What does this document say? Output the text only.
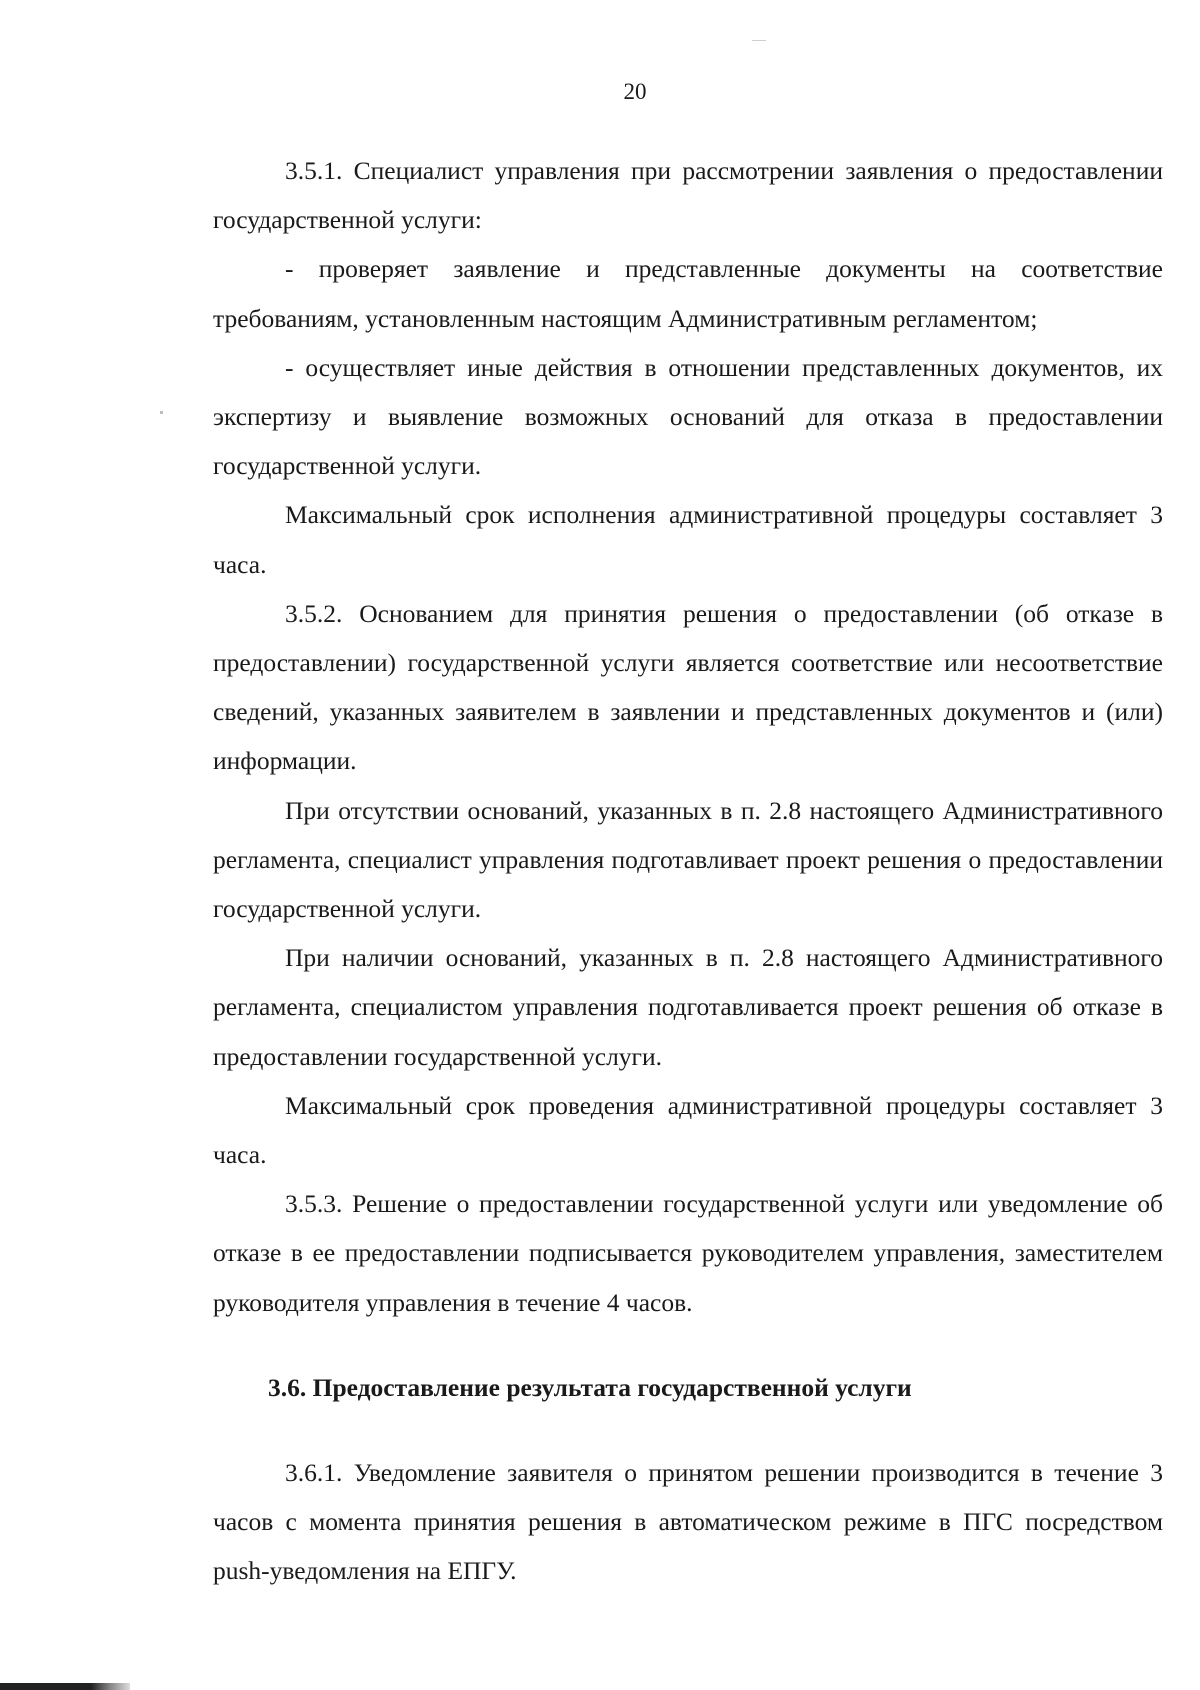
20

3.5.1. Специалист управления при рассмотрении заявления о предоставлении государственной услуги:

- проверяет заявление и представленные документы на соответствие требованиям, установленным настоящим Административным регламентом;

- осуществляет иные действия в отношении представленных документов, их экспертизу и выявление возможных оснований для отказа в предоставлении государственной услуги.

Максимальный срок исполнения административной процедуры составляет 3 часа.

3.5.2. Основанием для принятия решения о предоставлении (об отказе в предоставлении) государственной услуги является соответствие или несоответствие сведений, указанных заявителем в заявлении и представленных документов и (или) информации.

При отсутствии оснований, указанных в п. 2.8 настоящего Административного регламента, специалист управления подготавливает проект решения о предоставлении государственной услуги.

При наличии оснований, указанных в п. 2.8 настоящего Административного регламента, специалистом управления подготавливается проект решения об отказе в предоставлении государственной услуги.

Максимальный срок проведения административной процедуры составляет 3 часа.

3.5.3. Решение о предоставлении государственной услуги или уведомление об отказе в ее предоставлении подписывается руководителем управления, заместителем руководителя управления в течение 4 часов.

3.6. Предоставление результата государственной услуги

3.6.1. Уведомление заявителя о принятом решении производится в течение 3 часов с момента принятия решения в автоматическом режиме в ПГС посредством push-уведомления на ЕПГУ.
